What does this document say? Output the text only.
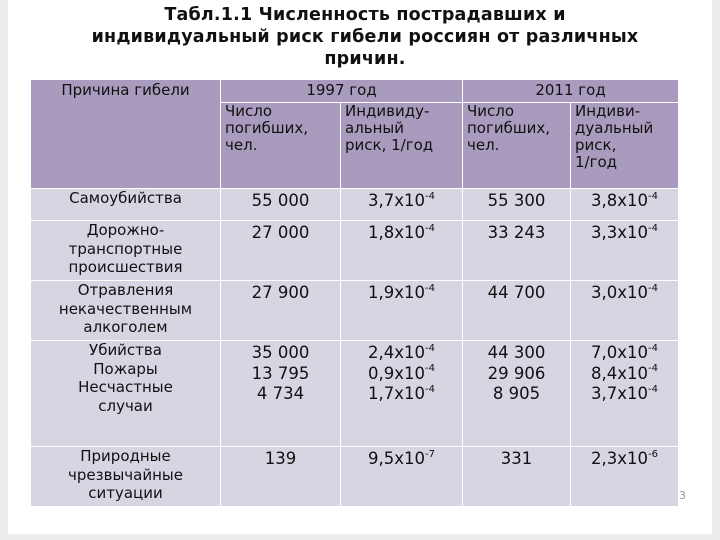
Табл.1.1 Численность пострадавших и
индивидуальный риск гибели россиян от различных
причин.
Причина гибели	1997 год		2011 год	

	Число
погибших,
чел.	Индивиду-
альный
риск, 1/год	Число
погибших,
чел.	Индиви-
дуальный
риск,
1/год

Самоубийства	55 000	$3,7x10^{-4}$	55 300	$3,8x10^{-4}$

Дорожно-
транспортные
происшествия	27 000	$1,8x10^{-4}$	33 243	$3,3x10^{-4}$

Отравления
некачественным
алкоголем	27 900	$1,9x10^{-4}$	44 700	$3,0x10^{-4}$

Убийства
Пожары
Несчастные
случаи	35 000
13 795
4 734	$2,4x10^{-4}$
$0,9x10^{-4}$
$1,7x10^{-4}$	44 300
29 906
8 905	$7,0x10^{-4}$
$8,4x10^{-4}$
$3,7x10^{-4}$

Природные
чрезвычайные
ситуации	139	$9,5x10^{-7}$	331	$2,3x10^{-6}$
3
